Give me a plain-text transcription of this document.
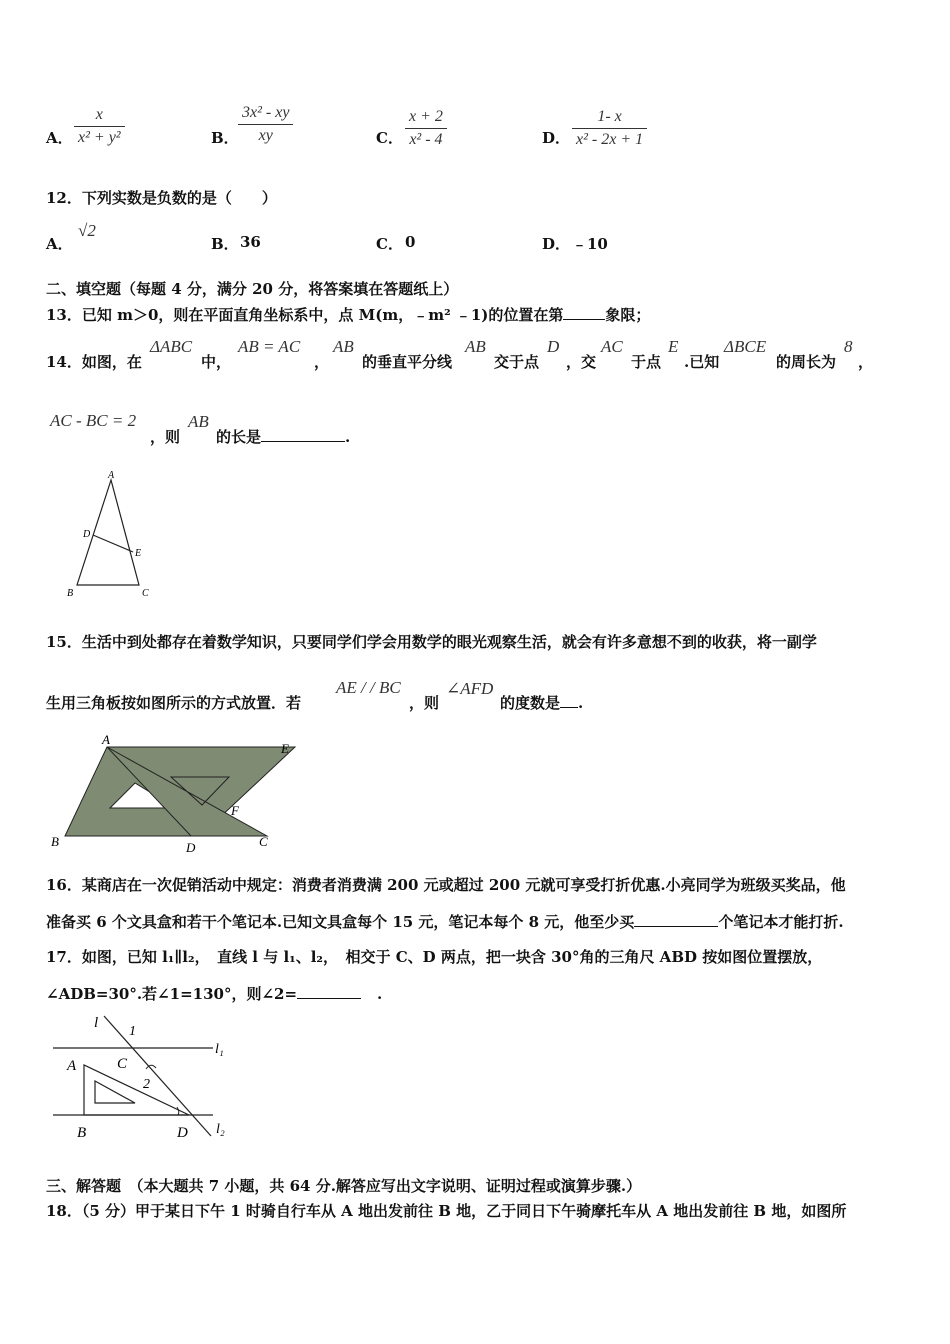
A． $\frac{x}{\text{x² + y²}}$	B． $\frac{\text{3x² - xy}}{xy}$	C． $\frac{x + 2}{\text{x² - 4}}$	D． $\frac{1- x}{\text{x² - 2x + 1}}$
12．下列实数是负数的是（　　）
A．
√2
B． 36	C． 0	D． ﹣10
二、填空题（每题 4 分，满分 20 分，将答案填在答题纸上）
13．已知 m＞0，则在平面直角坐标系中，点 M(m，﹣m² ﹣1)的位置在第	象限；
14．如图，在
ΔABC
中，
AB = AC
，
AB
的垂直平分线
AB
交于点
D
，交
AC
于点
E
.已知
ΔBCE
的周长为
8
，
AC - BC = 2
，则
AB
的长是	.
A
D
E
B	C
15．生活中到处都存在着数学知识，只要同学们学会用数学的眼光观察生活，就会有许多意想不到的收获，将一副学
生用三角板按如图所示的方式放置．若
AE / / BC
，则
∠AFD
的度数是 .
A
E
F
B	D	C
16．某商店在一次促销活动中规定：消费者消费满 200 元或超过 200 元就可享受打折优惠.小亮同学为班级买奖品，他
准备买 6 个文具盒和若干个笔记本.已知文具盒每个 15 元，笔记本每个 8 元，他至少买	个笔记本才能打折.
17．如图，已知 l₁∥l₂，　直线 l 与 l₁、l₂，　相交于 C、D 两点，把一块含 30°角的三角尺 ABD 按如图位置摆放，
∠ADB=30°.若∠1=130°，则∠2=	.
l
1
l₁
A	C
2
B	D l₂
三、解答题　（本大题共 7 小题，共 64 分.解答应写出文字说明、证明过程或演算步骤.）
18．（5 分）甲于某日下午 1 时骑自行车从 A 地出发前往 B 地，乙于同日下午骑摩托车从 A 地出发前往 B 地，如图所
